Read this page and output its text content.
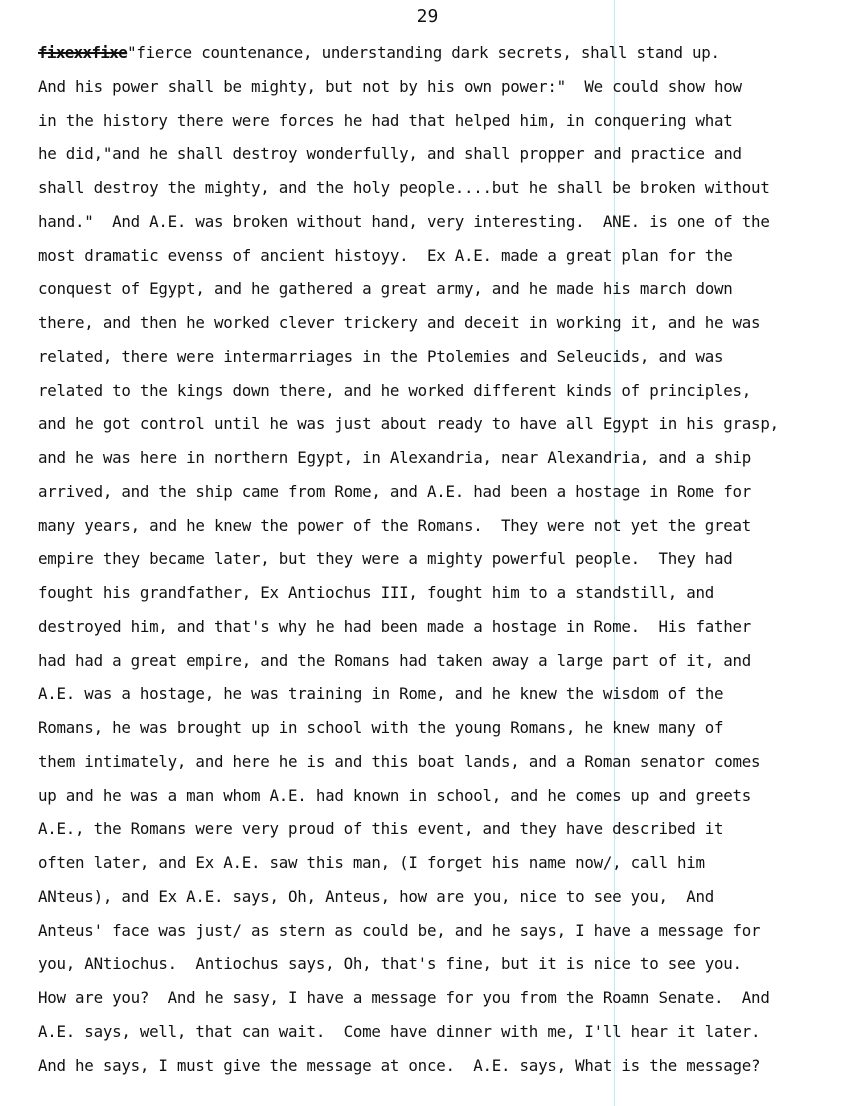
29
fixexxfixe"fierce countenance, understanding dark secrets, shall stand up.
And his power shall be mighty, but not by his own power:"  We could show how
in the history there were forces he had that helped him, in conquering what
he did,"and he shall destroy wonderfully, and shall propper and practice and
shall destroy the mighty, and the holy people....but he shall be broken without
hand."  And A.E. was broken without hand, very interesting.  ANE. is one of the
most dramatic evenss of ancient histoyy.  Ex A.E. made a great plan for the
conquest of Egypt, and he gathered a great army, and he made his march down
there, and then he worked clever trickery and deceit in working it, and he was
related, there were intermarriages in the Ptolemies and Seleucids, and was
related to the kings down there, and he worked different kinds of principles,
and he got control until he was just about ready to have all Egypt in his grasp,
and he was here in northern Egypt, in Alexandria, near Alexandria, and a ship
arrived, and the ship came from Rome, and A.E. had been a hostage in Rome for
many years, and he knew the power of the Romans.  They were not yet the great
empire they became later, but they were a mighty powerful people.  They had
fought his grandfather, Ex Antiochus III, fought him to a standstill, and
destroyed him, and that's why he had been made a hostage in Rome.  His father
had had a great empire, and the Romans had taken away a large part of it, and
A.E. was a hostage, he was training in Rome, and he knew the wisdom of the
Romans, he was brought up in school with the young Romans, he knew many of
them intimately, and here he is and this boat lands, and a Roman senator comes
up and he was a man whom A.E. had known in school, and he comes up and greets
A.E., the Romans were very proud of this event, and they have described it
often later, and Ex A.E. saw this man, (I forget his name now/, call him
ANteus), and Ex A.E. says, Oh, Anteus, how are you, nice to see you,  And
Anteus' face was just/ as stern as could be, and he says, I have a message for
you, ANtiochus.  Antiochus says, Oh, that's fine, but it is nice to see you.
How are you?  And he sasy, I have a message for you from the Roamn Senate.  And
A.E. says, well, that can wait.  Come have dinner with me, I'll hear it later.
And he says, I must give the message at once.  A.E. says, What is the message?
